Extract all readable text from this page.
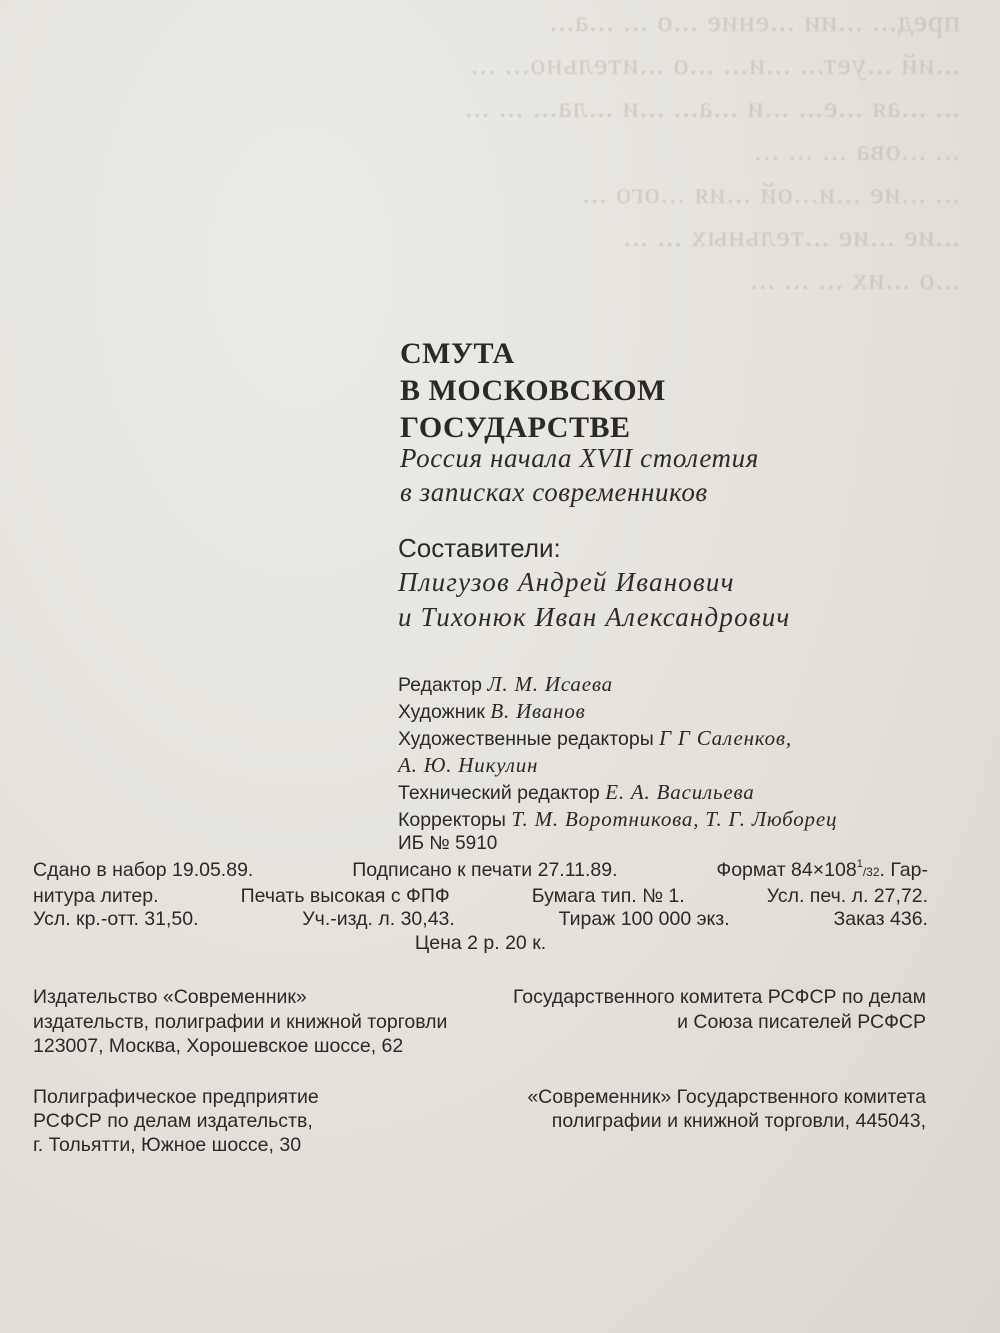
пред... ...ии ...ение ...о ... ...а...
...ий ...ует... ...и... ...о ...ительно... ...
... ...ая ...е... ...и ...а... ...и ...ла... ... ...
... ...ова ... ... ...
... ...ие ...и...ой ...ия ...ого ...
...ие ...ие ...тельных ... ...
...о ...их ... ... ...
СМУТА
В МОСКОВСКОМ
ГОСУДАРСТВЕ
Россия начала XVII столетия
в записках современников
Составители:
Плигузов Андрей Иванович
и Тихонюк Иван Александрович
Редактор Л. М. Исаева
Художник В. Иванов
Художественные редакторы Г Г Саленков,
А. Ю. Никулин
Технический редактор Е. А. Васильева
Корректоры Т. М. Воротникова, Т. Г. Люборец
ИБ № 5910
Сдано в набор 19.05.89.	Подписано к печати 27.11.89.	Формат $84\times 108^1/32$. Гар-
нитура литер.	Печать высокая с ФПФ	Бумага тип. № 1.	Усл. печ. л. 27,72.
Усл. кр.-отт. 31,50.	Уч.-изд. л. 30,43.	Тираж 100 000 экз.	Заказ 436.
Цена 2 р. 20 к.
Издательство «Современник»	Государственного комитета РСФСР по делам
издательств, полиграфии и книжной торговли	и Союза писателей РСФСР
123007, Москва, Хорошевское шоссе, 62
Полиграфическое предприятие	«Современник» Государственного комитета
РСФСР по делам издательств,	полиграфии и книжной торговли, 445043,
г. Тольятти, Южное шоссе, 30
